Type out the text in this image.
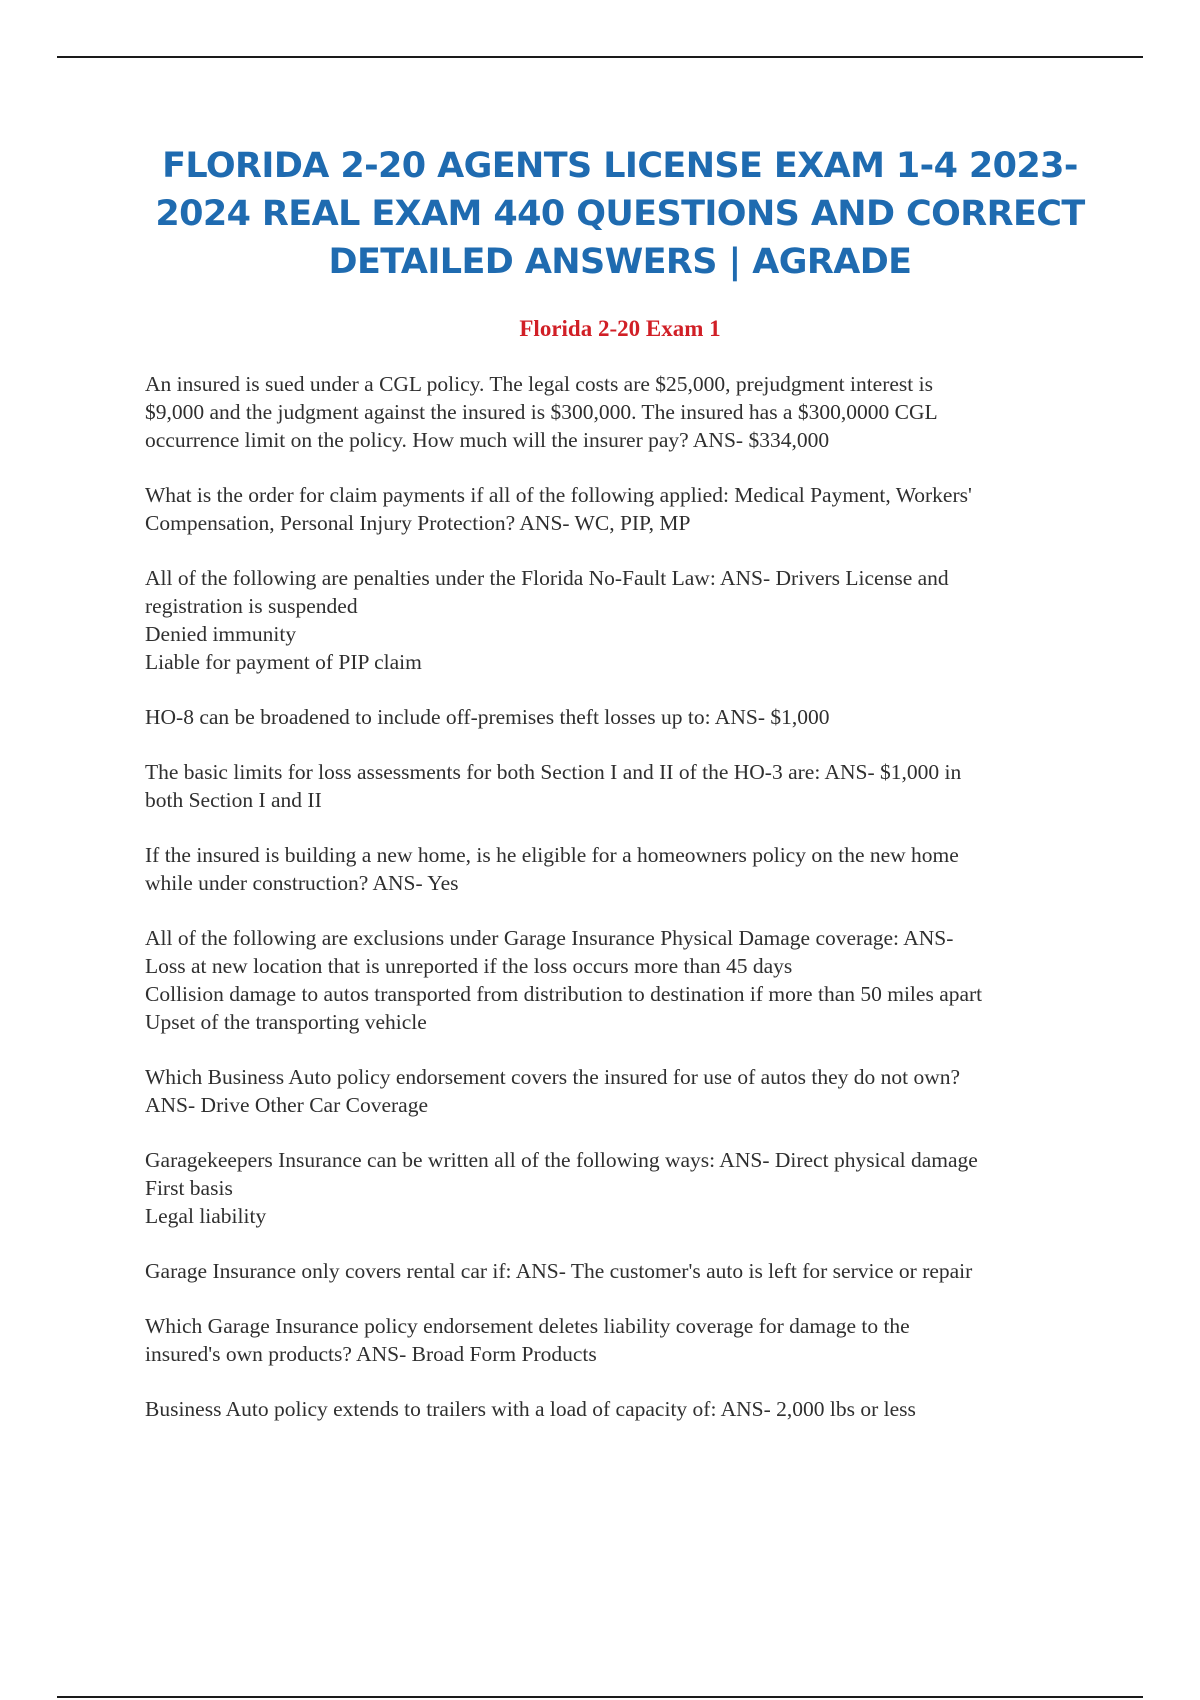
FLORIDA 2-20 AGENTS LICENSE EXAM 1-4 2023-
2024 REAL EXAM 440 QUESTIONS AND CORRECT
DETAILED ANSWERS | AGRADE
Florida 2-20 Exam 1
An insured is sued under a CGL policy. The legal costs are $25,000, prejudgment interest is
$9,000 and the judgment against the insured is $300,000. The insured has a $300,0000 CGL
occurrence limit on the policy. How much will the insurer pay? ANS- $334,000
What is the order for claim payments if all of the following applied: Medical Payment, Workers'
Compensation, Personal Injury Protection? ANS- WC, PIP, MP
All of the following are penalties under the Florida No-Fault Law: ANS- Drivers License and
registration is suspended
Denied immunity
Liable for payment of PIP claim
HO-8 can be broadened to include off-premises theft losses up to: ANS- $1,000
The basic limits for loss assessments for both Section I and II of the HO-3 are: ANS- $1,000 in
both Section I and II
If the insured is building a new home, is he eligible for a homeowners policy on the new home
while under construction? ANS- Yes
All of the following are exclusions under Garage Insurance Physical Damage coverage: ANS-
Loss at new location that is unreported if the loss occurs more than 45 days
Collision damage to autos transported from distribution to destination if more than 50 miles apart
Upset of the transporting vehicle
Which Business Auto policy endorsement covers the insured for use of autos they do not own?
ANS- Drive Other Car Coverage
Garagekeepers Insurance can be written all of the following ways: ANS- Direct physical damage
First basis
Legal liability
Garage Insurance only covers rental car if: ANS- The customer's auto is left for service or repair
Which Garage Insurance policy endorsement deletes liability coverage for damage to the
insured's own products? ANS- Broad Form Products
Business Auto policy extends to trailers with a load of capacity of: ANS- 2,000 lbs or less
